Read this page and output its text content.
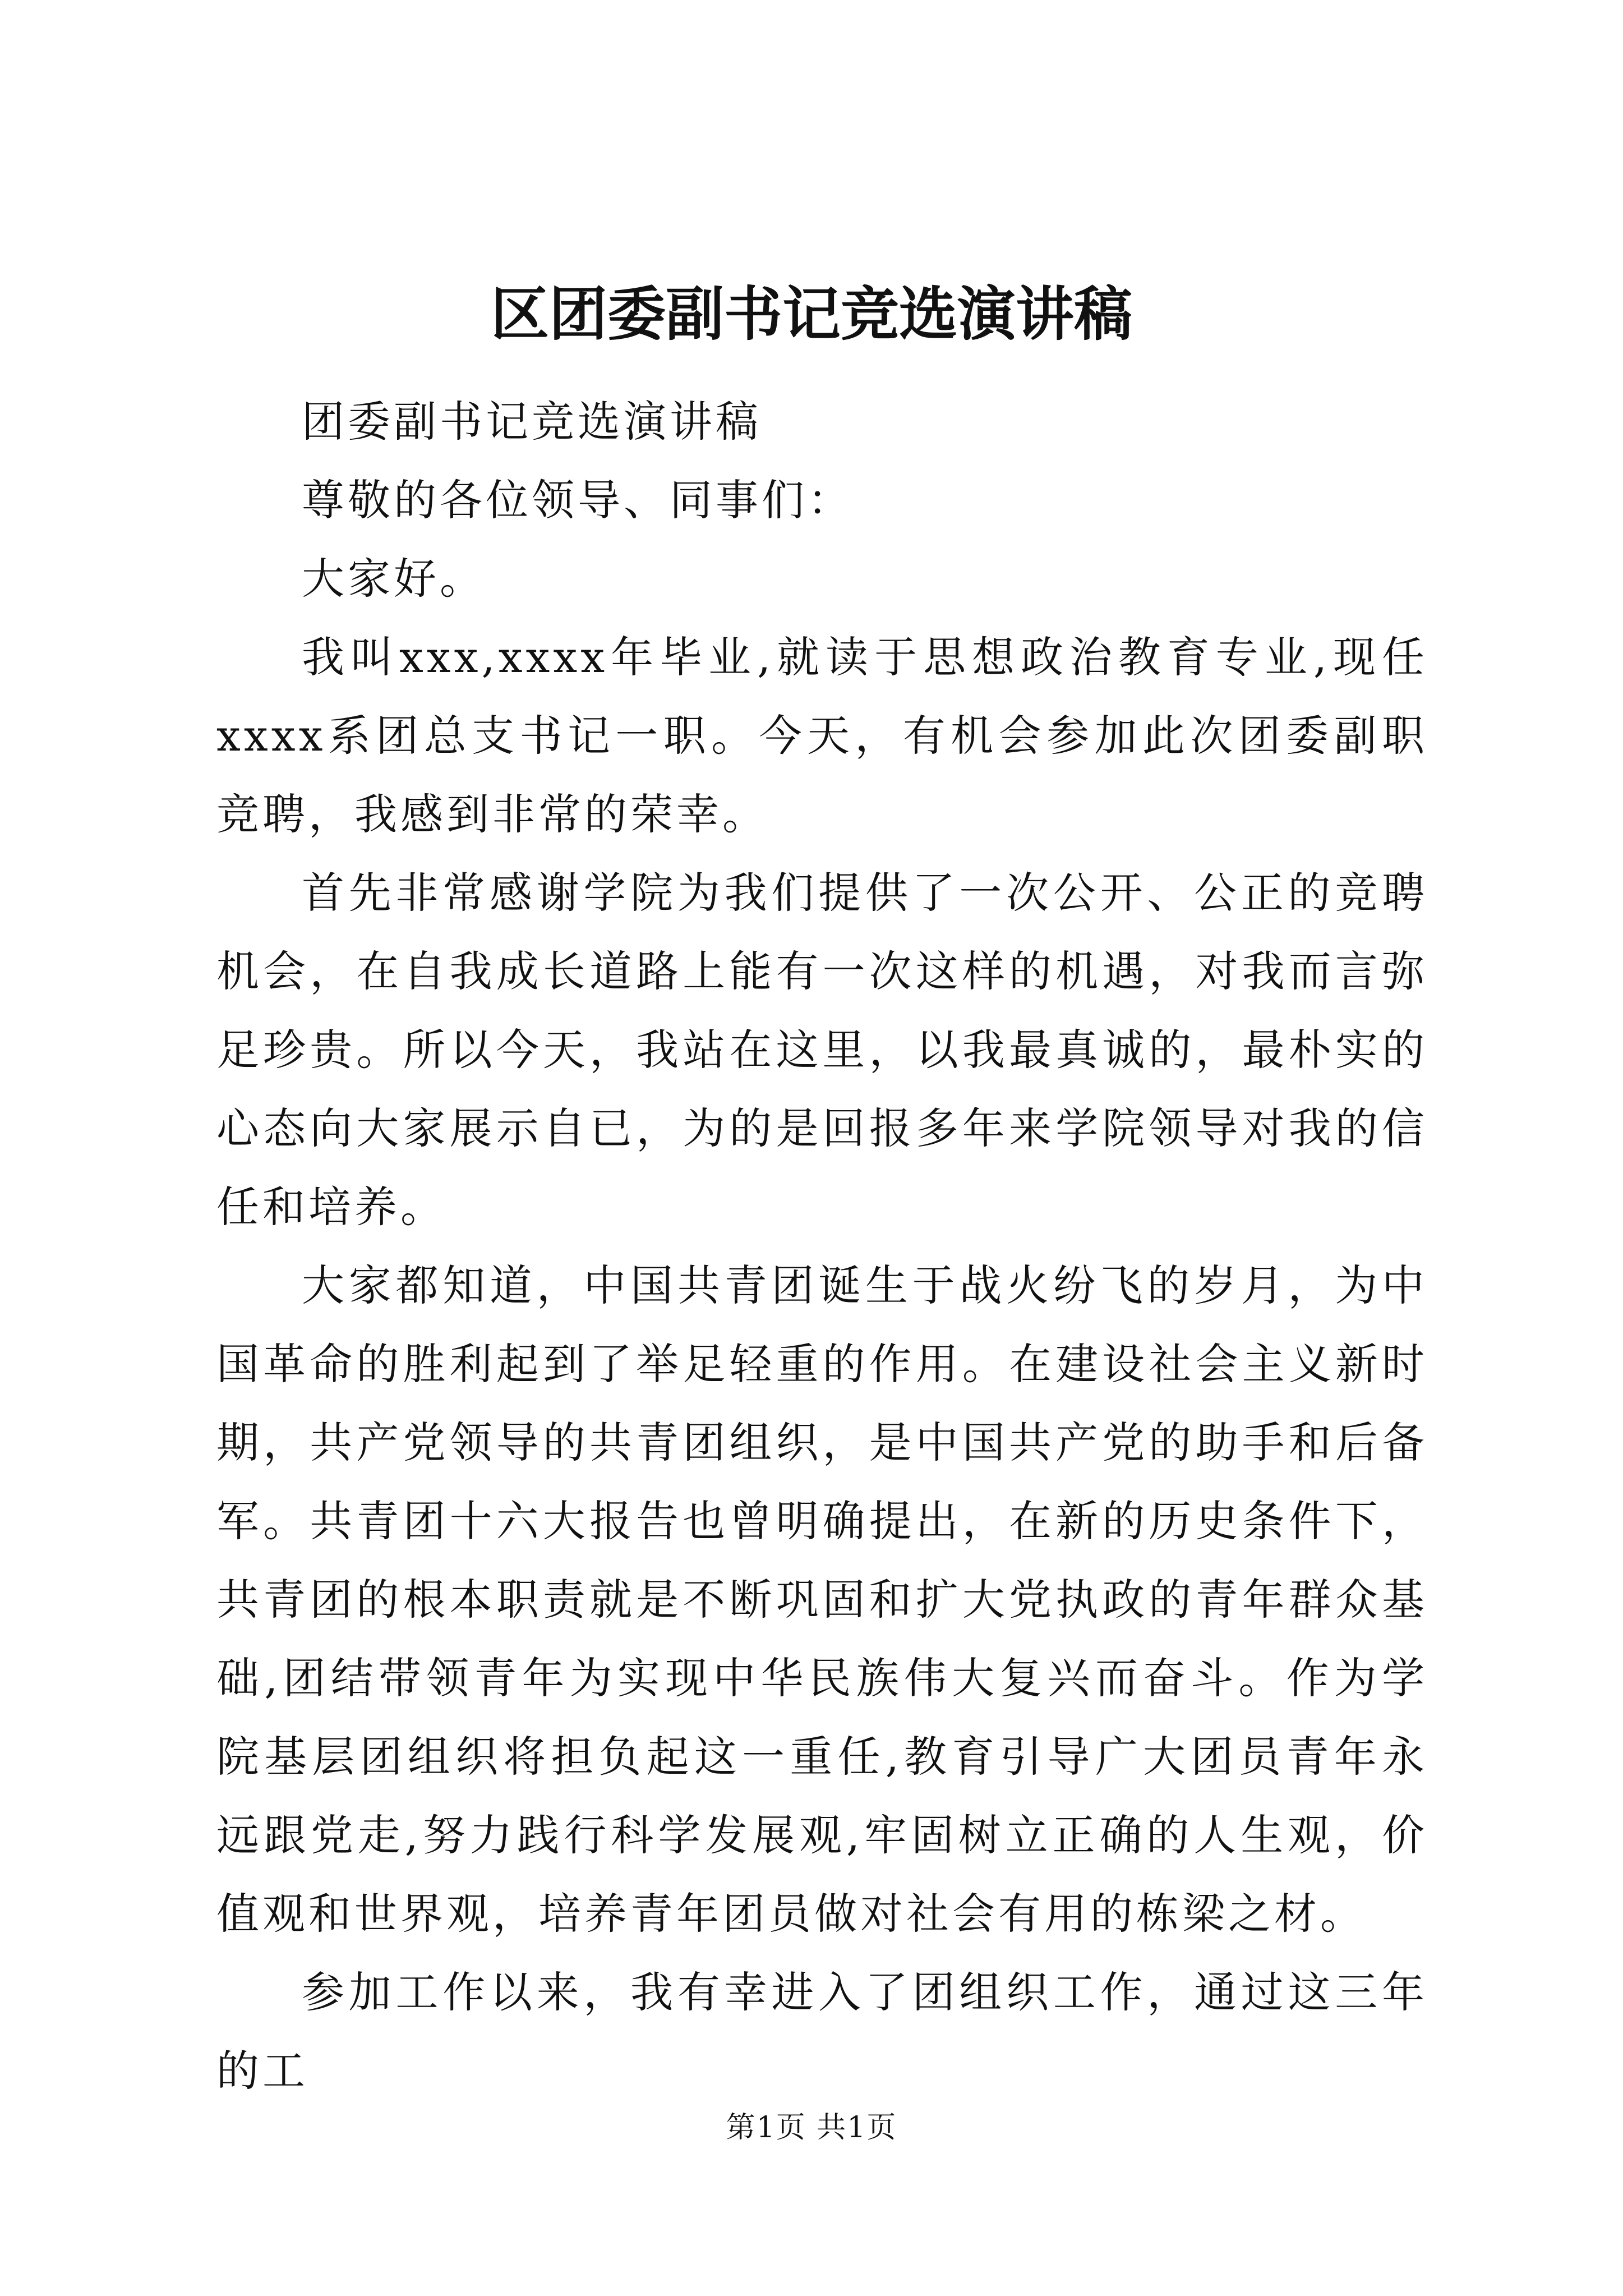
区团委副书记竞选演讲稿

团委副书记竞选演讲稿

尊敬的各位领导、同事们：

大家好。

我叫xxx,xxxx年毕业,就读于思想政治教育专业,现任xxxx系团总支书记一职。今天，有机会参加此次团委副职竞聘，我感到非常的荣幸。

首先非常感谢学院为我们提供了一次公开、公正的竞聘机会，在自我成长道路上能有一次这样的机遇，对我而言弥足珍贵。所以今天，我站在这里，以我最真诚的，最朴实的心态向大家展示自已，为的是回报多年来学院领导对我的信任和培养。

大家都知道，中国共青团诞生于战火纷飞的岁月，为中国革命的胜利起到了举足轻重的作用。在建设社会主义新时期，共产党领导的共青团组织，是中国共产党的助手和后备军。共青团十六大报告也曾明确提出，在新的历史条件下，共青团的根本职责就是不断巩固和扩大党执政的青年群众基础,团结带领青年为实现中华民族伟大复兴而奋斗。作为学院基层团组织将担负起这一重任,教育引导广大团员青年永远跟党走,努力践行科学发展观,牢固树立正确的人生观，价值观和世界观，培养青年团员做对社会有用的栋梁之材。

参加工作以来，我有幸进入了团组织工作，通过这三年的工

第1页 共1页
